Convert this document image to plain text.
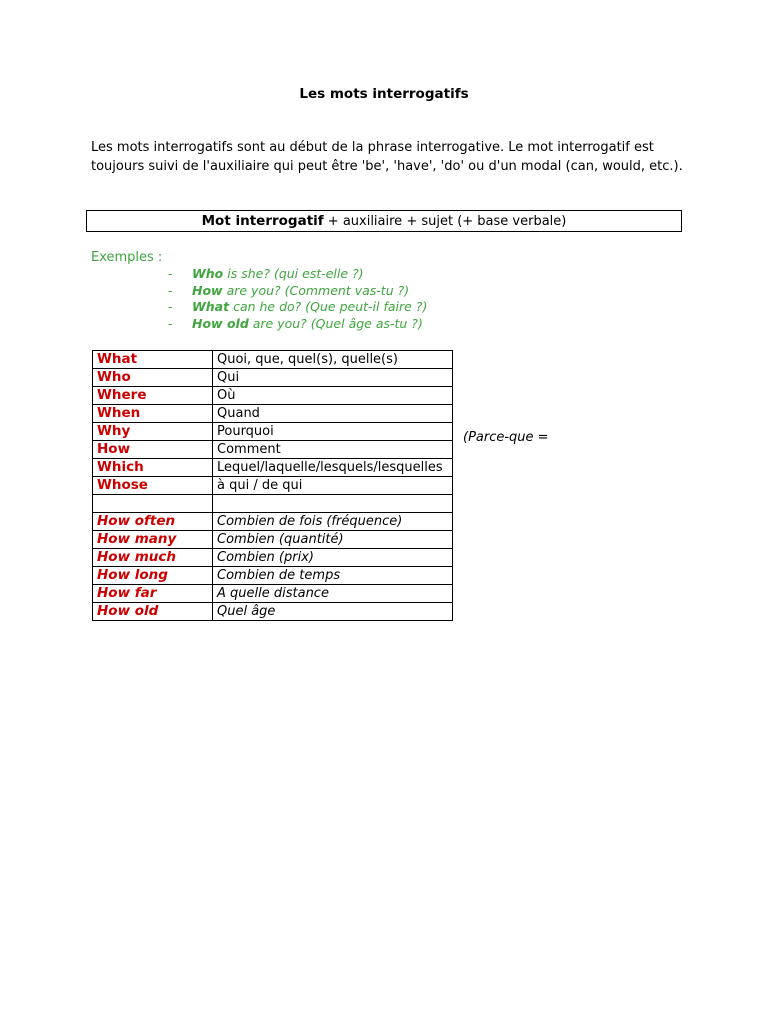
Les mots interrogatifs

Les mots interrogatifs sont au début de la phrase interrogative. Le mot interrogatif est

toujours suivi de l'auxiliaire qui peut être 'be', 'have', 'do' ou d'un modal (can, would, etc.).

Mot interrogatif + auxiliaire + sujet (+ base verbale)
Exemples :
- Who is she? (qui est-elle ?)
- How are you? (Comment vas-tu ?)
- What can he do? (Que peut-il faire ?)
- How old are you? (Quel âge as-tu ?)
What	Quoi, que, quel(s), quelle(s)
Who	Qui
Where	Où
When	Quand
Why	Pourquoi
How	Comment
Which	Lequel/laquelle/lesquels/lesquelles
Whose	à qui / de qui

How often	Combien de fois (fréquence)
How many	Combien (quantité)
How much	Combien (prix)
How long	Combien de temps
How far	A quelle distance
How old	Quel âge
(Parce-que =
